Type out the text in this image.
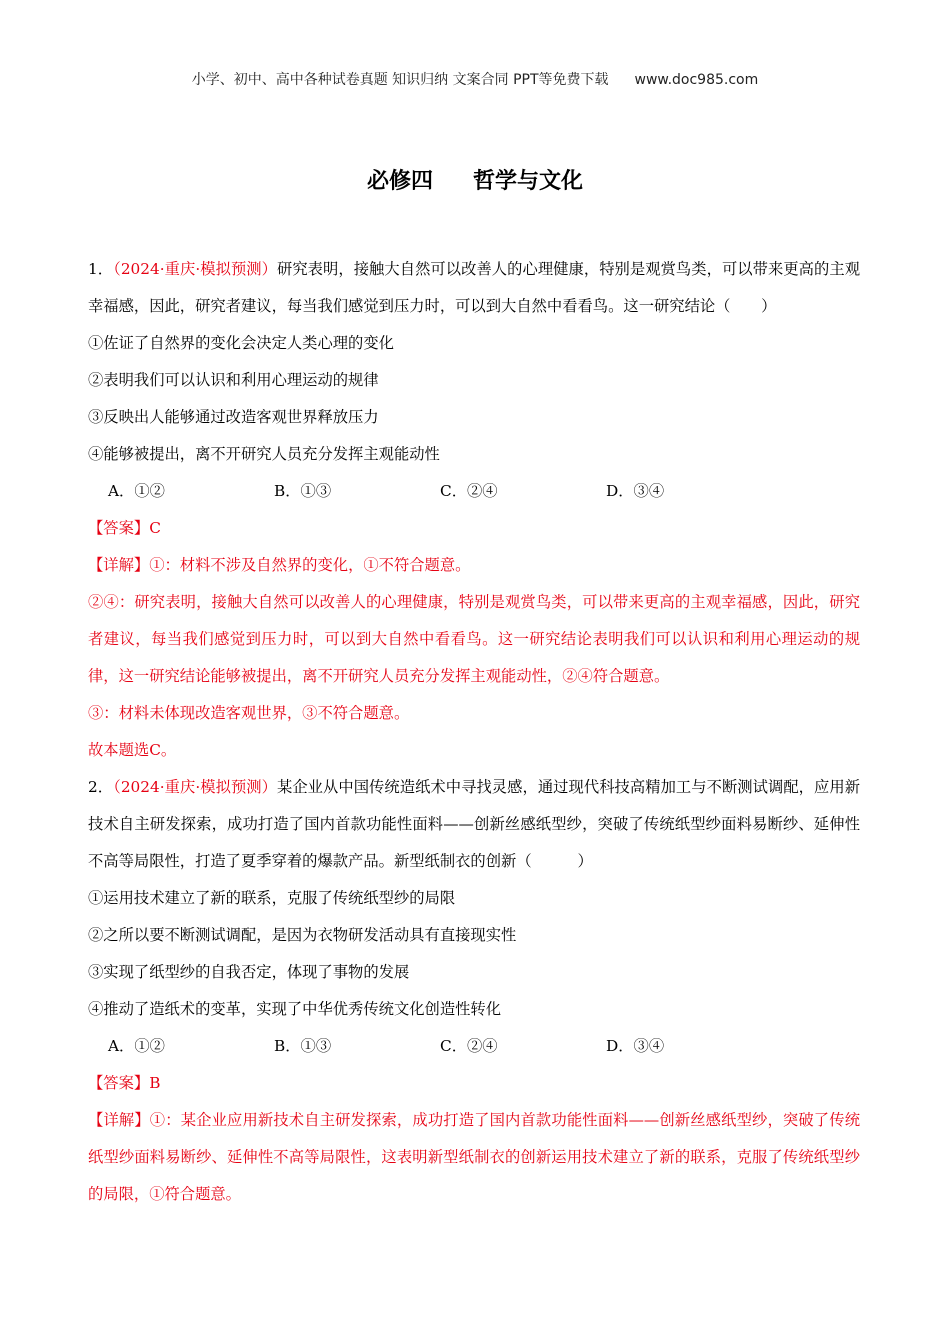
小学、初中、高中各种试卷真题 知识归纳 文案合同 PPT等免费下载 www.doc985.com
必修四 哲学与文化
1．（2024·重庆·模拟预测）研究表明，接触大自然可以改善人的心理健康，特别是观赏鸟类，可以带来更高的主观幸福感，因此，研究者建议，每当我们感觉到压力时，可以到大自然中看看鸟。这一研究结论（　　）
①佐证了自然界的变化会决定人类心理的变化
②表明我们可以认识和利用心理运动的规律
③反映出人能够通过改造客观世界释放压力
④能够被提出，离不开研究人员充分发挥主观能动性
A．①②	B．①③	C．②④	D．③④
【答案】C
【详解】①：材料不涉及自然界的变化，①不符合题意。
②④：研究表明，接触大自然可以改善人的心理健康，特别是观赏鸟类，可以带来更高的主观幸福感，因此，研究者建议，每当我们感觉到压力时，可以到大自然中看看鸟。这一研究结论表明我们可以认识和利用心理运动的规律，这一研究结论能够被提出，离不开研究人员充分发挥主观能动性，②④符合题意。
③：材料未体现改造客观世界，③不符合题意。
故本题选C。
2．（2024·重庆·模拟预测）某企业从中国传统造纸术中寻找灵感，通过现代科技高精加工与不断测试调配，应用新技术自主研发探索，成功打造了国内首款功能性面料——创新丝感纸型纱，突破了传统纸型纱面料易断纱、延伸性不高等局限性，打造了夏季穿着的爆款产品。新型纸制衣的创新（　　　）
①运用技术建立了新的联系，克服了传统纸型纱的局限
②之所以要不断测试调配，是因为衣物研发活动具有直接现实性
③实现了纸型纱的自我否定，体现了事物的发展
④推动了造纸术的变革，实现了中华优秀传统文化创造性转化
A．①②	B．①③	C．②④	D．③④
【答案】B
【详解】①：某企业应用新技术自主研发探索，成功打造了国内首款功能性面料——创新丝感纸型纱，突破了传统纸型纱面料易断纱、延伸性不高等局限性，这表明新型纸制衣的创新运用技术建立了新的联系，克服了传统纸型纱的局限，①符合题意。
